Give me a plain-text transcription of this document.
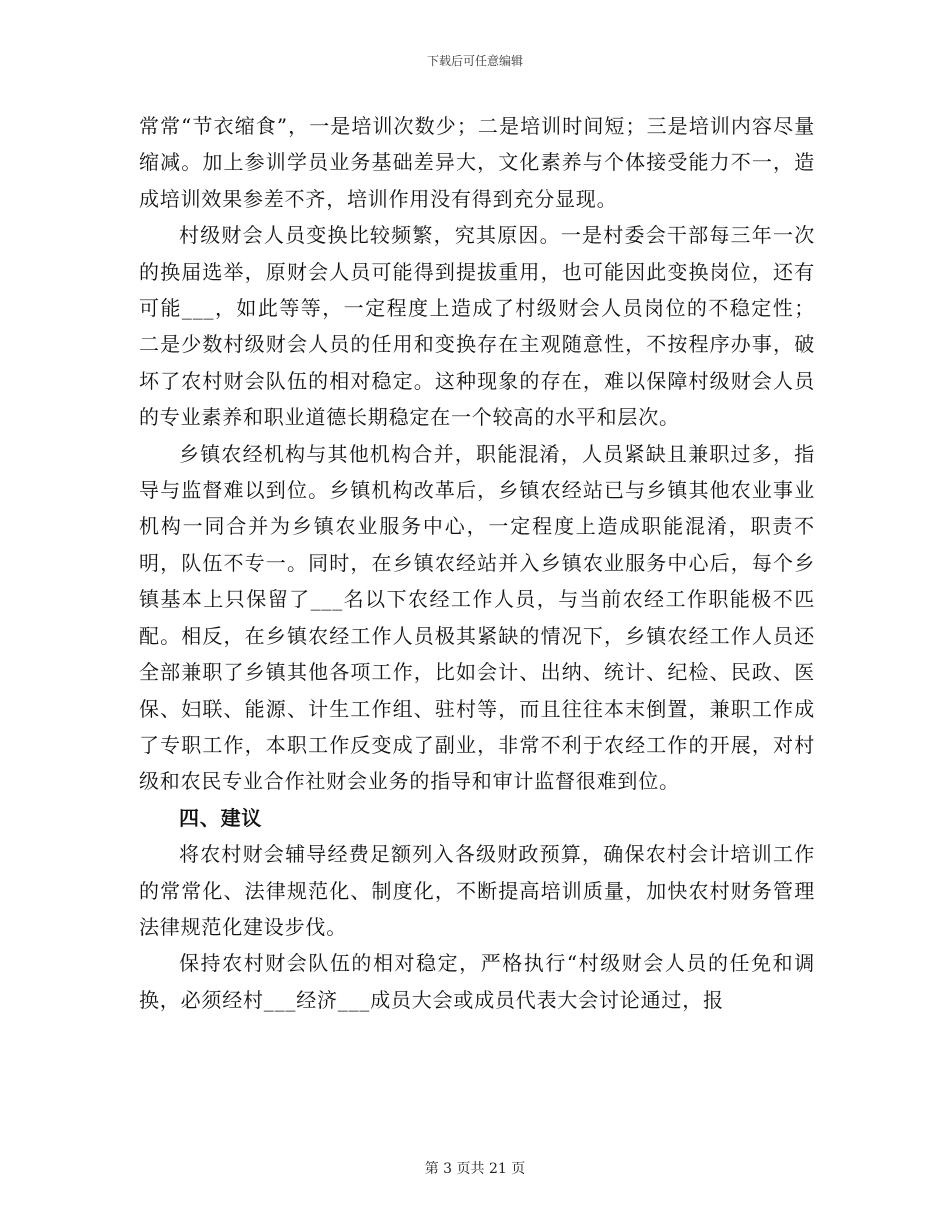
下载后可任意编辑

常常“节衣缩食”，一是培训次数少；二是培训时间短；三是培训内容尽量缩减。加上参训学员业务基础差异大，文化素养与个体接受能力不一，造成培训效果参差不齐，培训作用没有得到充分显现。

村级财会人员变换比较频繁，究其原因。一是村委会干部每三年一次的换届选举，原财会人员可能得到提拔重用，也可能因此变换岗位，还有可能___，如此等等，一定程度上造成了村级财会人员岗位的不稳定性；二是少数村级财会人员的任用和变换存在主观随意性，不按程序办事，破坏了农村财会队伍的相对稳定。这种现象的存在，难以保障村级财会人员的专业素养和职业道德长期稳定在一个较高的水平和层次。

乡镇农经机构与其他机构合并，职能混淆，人员紧缺且兼职过多，指导与监督难以到位。乡镇机构改革后，乡镇农经站已与乡镇其他农业事业机构一同合并为乡镇农业服务中心，一定程度上造成职能混淆，职责不明，队伍不专一。同时，在乡镇农经站并入乡镇农业服务中心后，每个乡镇基本上只保留了___名以下农经工作人员，与当前农经工作职能极不匹配。相反，在乡镇农经工作人员极其紧缺的情况下，乡镇农经工作人员还全部兼职了乡镇其他各项工作，比如会计、出纳、统计、纪检、民政、医保、妇联、能源、计生工作组、驻村等，而且往往本末倒置，兼职工作成了专职工作，本职工作反变成了副业，非常不利于农经工作的开展，对村级和农民专业合作社财会业务的指导和审计监督很难到位。

四、建议

将农村财会辅导经费足额列入各级财政预算，确保农村会计培训工作的常常化、法律规范化、制度化，不断提高培训质量，加快农村财务管理法律规范化建设步伐。

保持农村财会队伍的相对稳定，严格执行“村级财会人员的任免和调换，必须经村___经济___成员大会或成员代表大会讨论通过，报

第 3 页共 21 页
